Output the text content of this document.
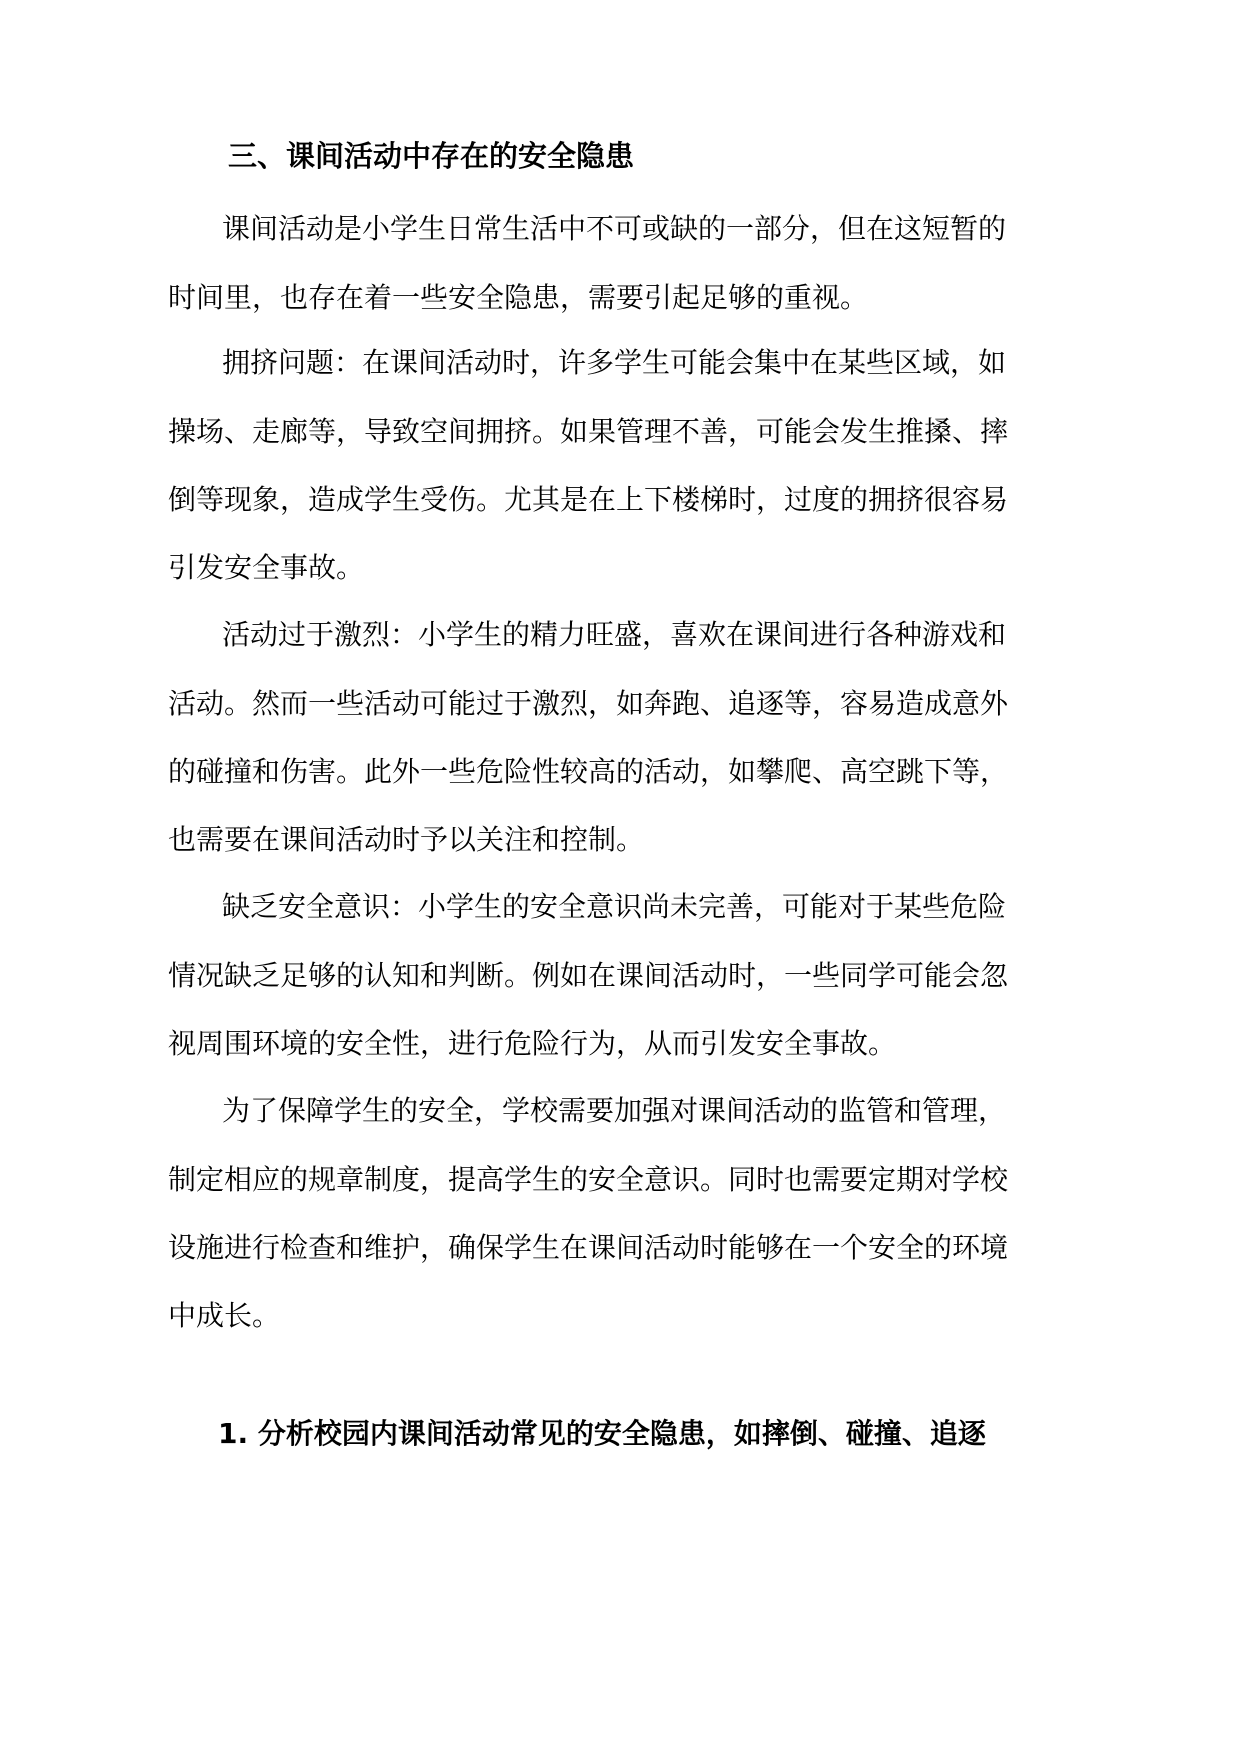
三、课间活动中存在的安全隐患
课间活动是小学生日常生活中不可或缺的一部分，但在这短暂的
时间里，也存在着一些安全隐患，需要引起足够的重视。
拥挤问题：在课间活动时，许多学生可能会集中在某些区域，如
操场、走廊等，导致空间拥挤。如果管理不善，可能会发生推搡、摔
倒等现象，造成学生受伤。尤其是在上下楼梯时，过度的拥挤很容易
引发安全事故。
活动过于激烈：小学生的精力旺盛，喜欢在课间进行各种游戏和
活动。然而一些活动可能过于激烈，如奔跑、追逐等，容易造成意外
的碰撞和伤害。此外一些危险性较高的活动，如攀爬、高空跳下等，
也需要在课间活动时予以关注和控制。
缺乏安全意识：小学生的安全意识尚未完善，可能对于某些危险
情况缺乏足够的认知和判断。例如在课间活动时，一些同学可能会忽
视周围环境的安全性，进行危险行为，从而引发安全事故。
为了保障学生的安全，学校需要加强对课间活动的监管和管理，
制定相应的规章制度，提高学生的安全意识。同时也需要定期对学校
设施进行检查和维护，确保学生在课间活动时能够在一个安全的环境
中成长。
1. 分析校园内课间活动常见的安全隐患，如摔倒、碰撞、追逐
